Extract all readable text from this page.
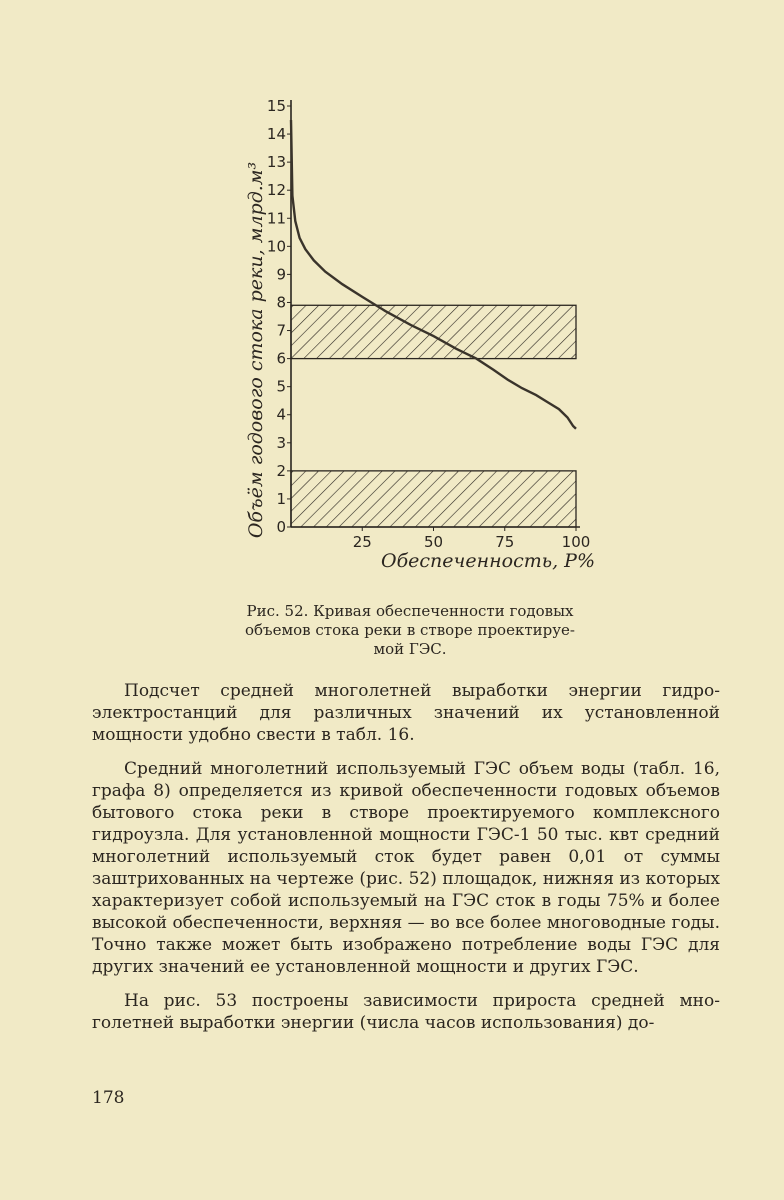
0
1
2
3
4
5
6
7
8
9
10
11
12
13
14
15
25	50	75	100
Объём годового стока реки, млрд.м³
Обеспеченность, P%
Рис. 52. Кривая обеспеченности годовых
объемов стока реки в створе проектируе-
мой ГЭС.

Подсчет средней многолетней выработки энергии гидроэлектростанций для различных значений их установленной мощности удобно свести в табл. 16.

Средний многолетний используемый ГЭС объем воды (табл. 16, графа 8) определяется из кривой обеспеченности годовых объемов бытового стока реки в створе проектируемого комплексного гидроузла. Для установленной мощности ГЭС-1 50 тыс. квт средний многолетний используемый сток будет равен 0,01 от суммы заштрихованных на чертеже (рис. 52) площадок, нижняя из которых характеризует собой используемый на ГЭС сток в годы 75% и более высокой обеспеченности, верхняя — во все более многоводные годы. Точно также может быть изображено потребление воды ГЭС для других значений ее установленной мощности и других ГЭС.

На рис. 53 построены зависимости прироста средней многолетней выработки энергии (числа часов использования) до-

178
